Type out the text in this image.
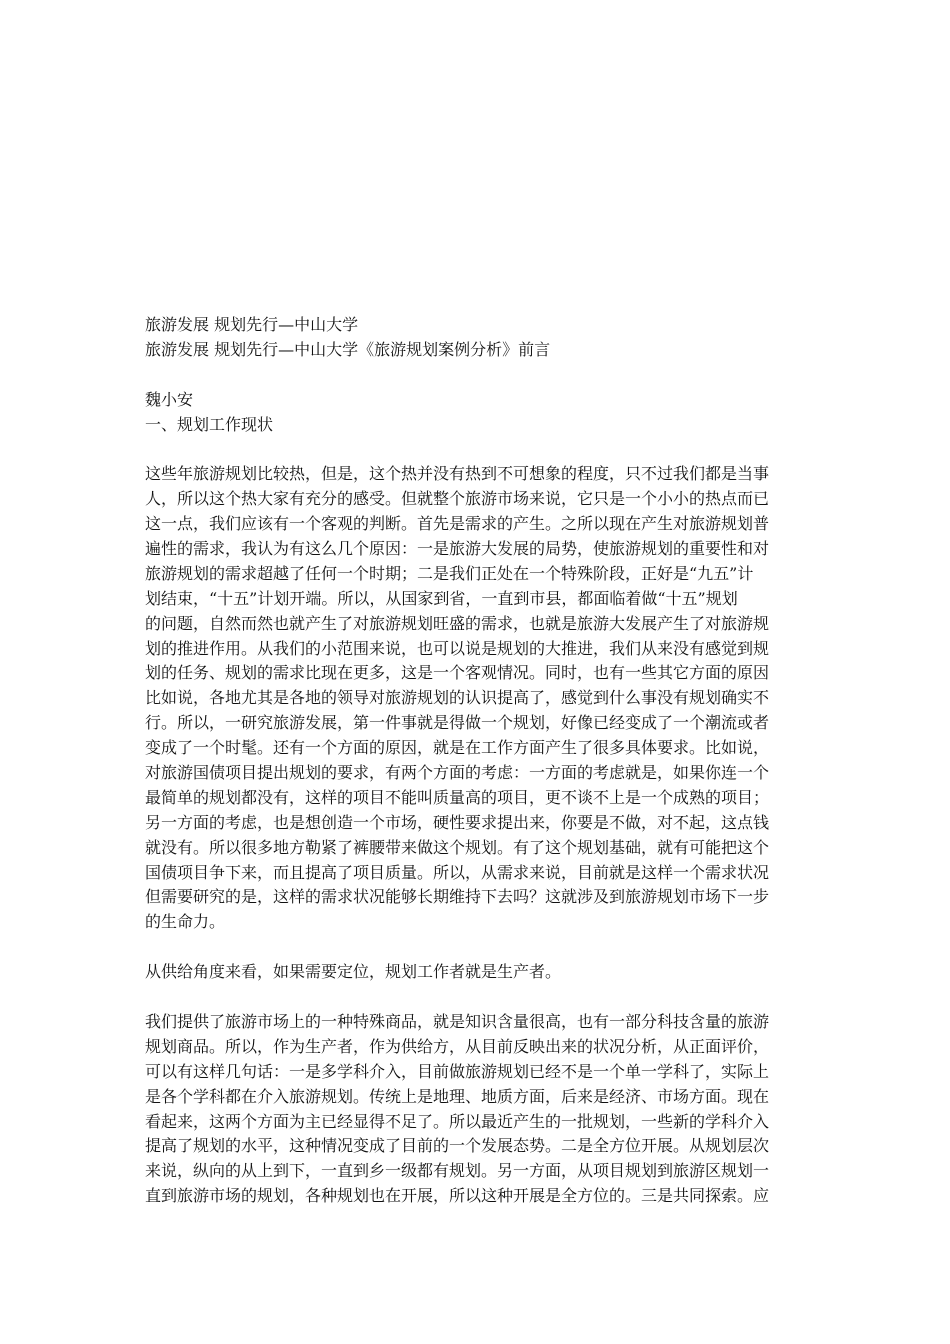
旅游发展 规划先行—中山大学
旅游发展 规划先行—中山大学《旅游规划案例分析》前言
魏小安
一、规划工作现状
这些年旅游规划比较热，但是，这个热并没有热到不可想象的程度，只不过我们都是当事
人，所以这个热大家有充分的感受。但就整个旅游市场来说，它只是一个小小的热点而已
这一点，我们应该有一个客观的判断。首先是需求的产生。之所以现在产生对旅游规划普
遍性的需求，我认为有这么几个原因：一是旅游大发展的局势，使旅游规划的重要性和对
旅游规划的需求超越了任何一个时期；二是我们正处在一个特殊阶段，正好是“九五”计
划结束，“十五”计划开端。所以，从国家到省，一直到市县，都面临着做“十五”规划
的问题，自然而然也就产生了对旅游规划旺盛的需求，也就是旅游大发展产生了对旅游规
划的推进作用。从我们的小范围来说，也可以说是规划的大推进，我们从来没有感觉到规
划的任务、规划的需求比现在更多，这是一个客观情况。同时，也有一些其它方面的原因
比如说，各地尤其是各地的领导对旅游规划的认识提高了，感觉到什么事没有规划确实不
行。所以，一研究旅游发展，第一件事就是得做一个规划，好像已经变成了一个潮流或者
变成了一个时髦。还有一个方面的原因，就是在工作方面产生了很多具体要求。比如说，
对旅游国债项目提出规划的要求，有两个方面的考虑：一方面的考虑就是，如果你连一个
最简单的规划都没有，这样的项目不能叫质量高的项目，更不谈不上是一个成熟的项目；
另一方面的考虑，也是想创造一个市场，硬性要求提出来，你要是不做，对不起，这点钱
就没有。所以很多地方勒紧了裤腰带来做这个规划。有了这个规划基础，就有可能把这个
国债项目争下来，而且提高了项目质量。所以，从需求来说，目前就是这样一个需求状况
但需要研究的是，这样的需求状况能够长期维持下去吗？这就涉及到旅游规划市场下一步
的生命力。
从供给角度来看，如果需要定位，规划工作者就是生产者。
我们提供了旅游市场上的一种特殊商品，就是知识含量很高，也有一部分科技含量的旅游
规划商品。所以，作为生产者，作为供给方，从目前反映出来的状况分析，从正面评价，
可以有这样几句话：一是多学科介入，目前做旅游规划已经不是一个单一学科了，实际上
是各个学科都在介入旅游规划。传统上是地理、地质方面，后来是经济、市场方面。现在
看起来，这两个方面为主已经显得不足了。所以最近产生的一批规划，一些新的学科介入
提高了规划的水平，这种情况变成了目前的一个发展态势。二是全方位开展。从规划层次
来说，纵向的从上到下，一直到乡一级都有规划。另一方面，从项目规划到旅游区规划一
直到旅游市场的规划，各种规划也在开展，所以这种开展是全方位的。三是共同探索。应
